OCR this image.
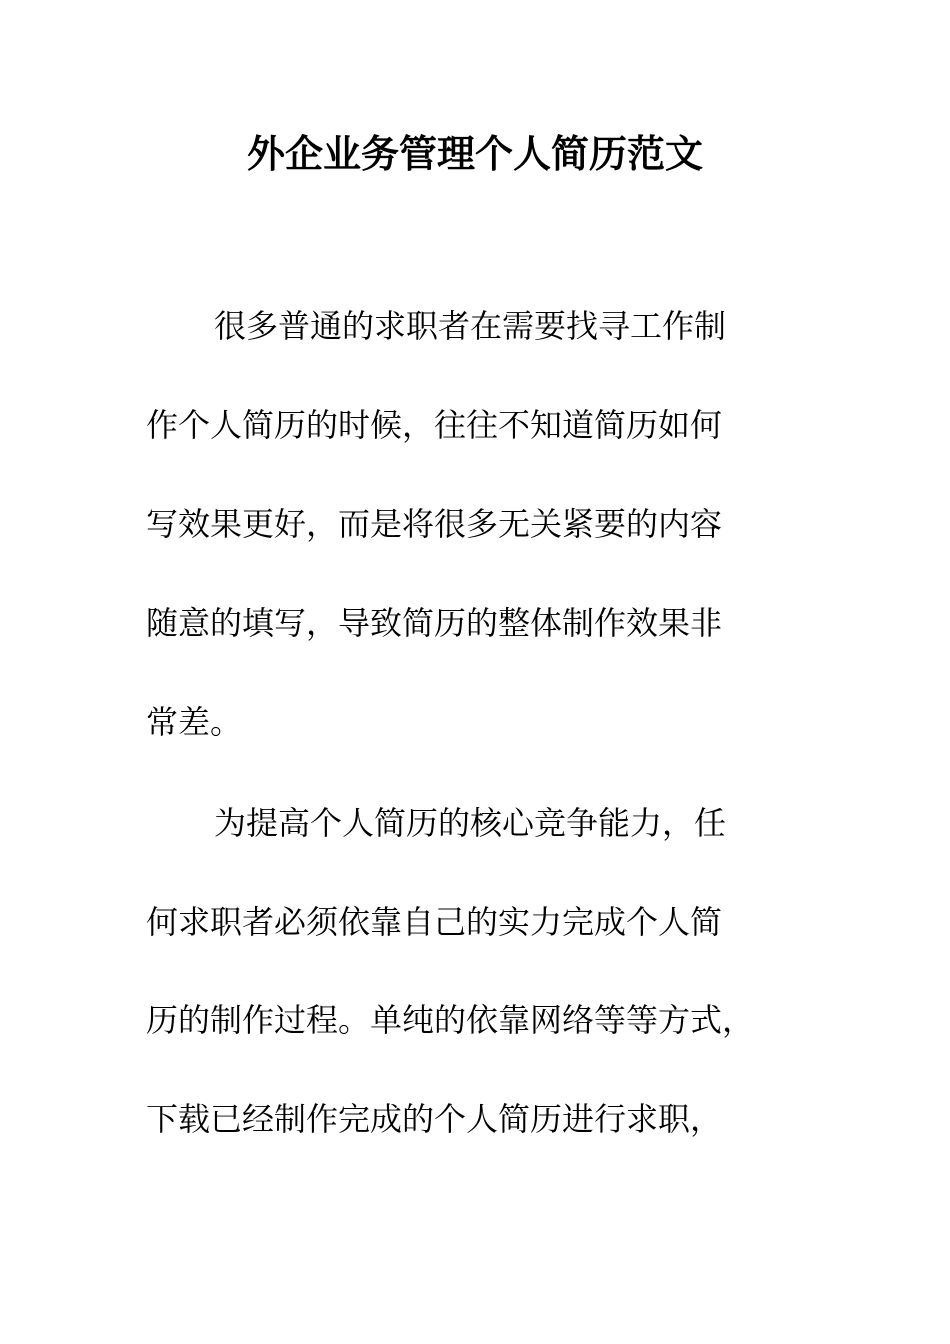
外企业务管理个人简历范文
很多普通的求职者在需要找寻工作制
作个人简历的时候，往往不知道简历如何
写效果更好，而是将很多无关紧要的内容
随意的填写，导致简历的整体制作效果非
常差。
为提高个人简历的核心竞争能力，任
何求职者必须依靠自己的实力完成个人简
历的制作过程。单纯的依靠网络等等方式，
下载已经制作完成的个人简历进行求职，
